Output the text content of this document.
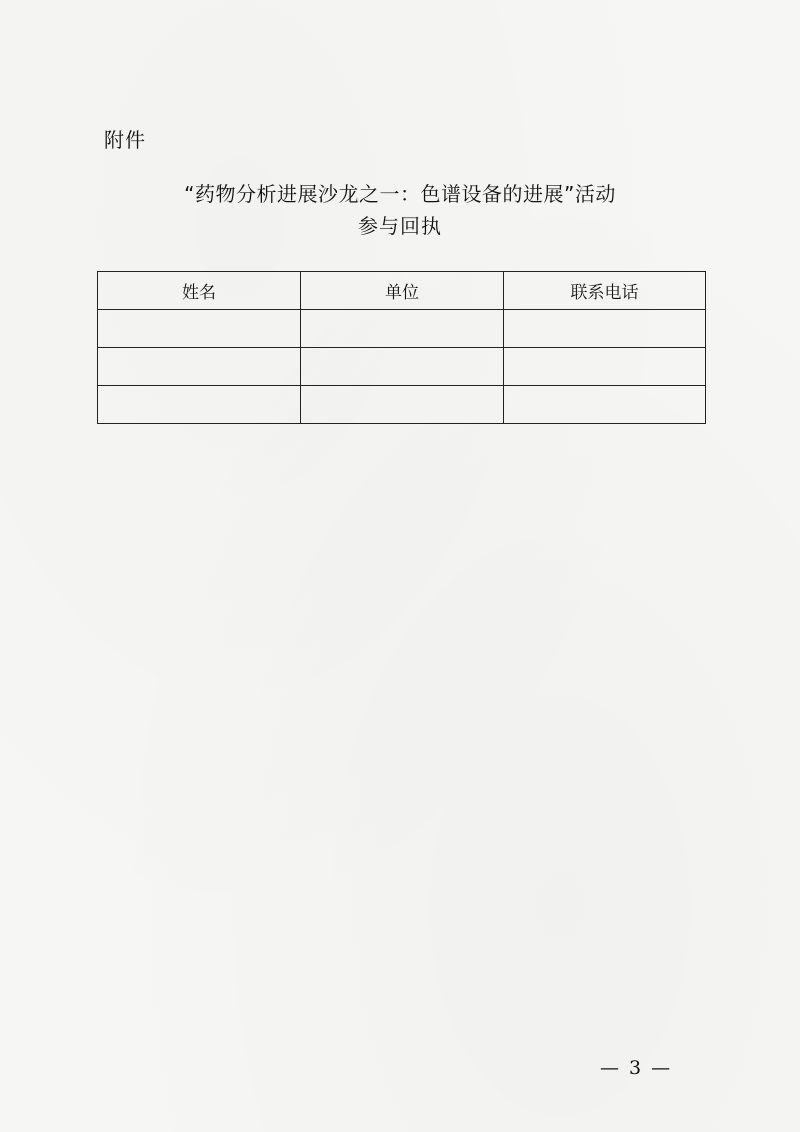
附件
“药物分析进展沙龙之一：色谱设备的进展”活动
参与回执
姓名	单位	联系电话

— 3 —
